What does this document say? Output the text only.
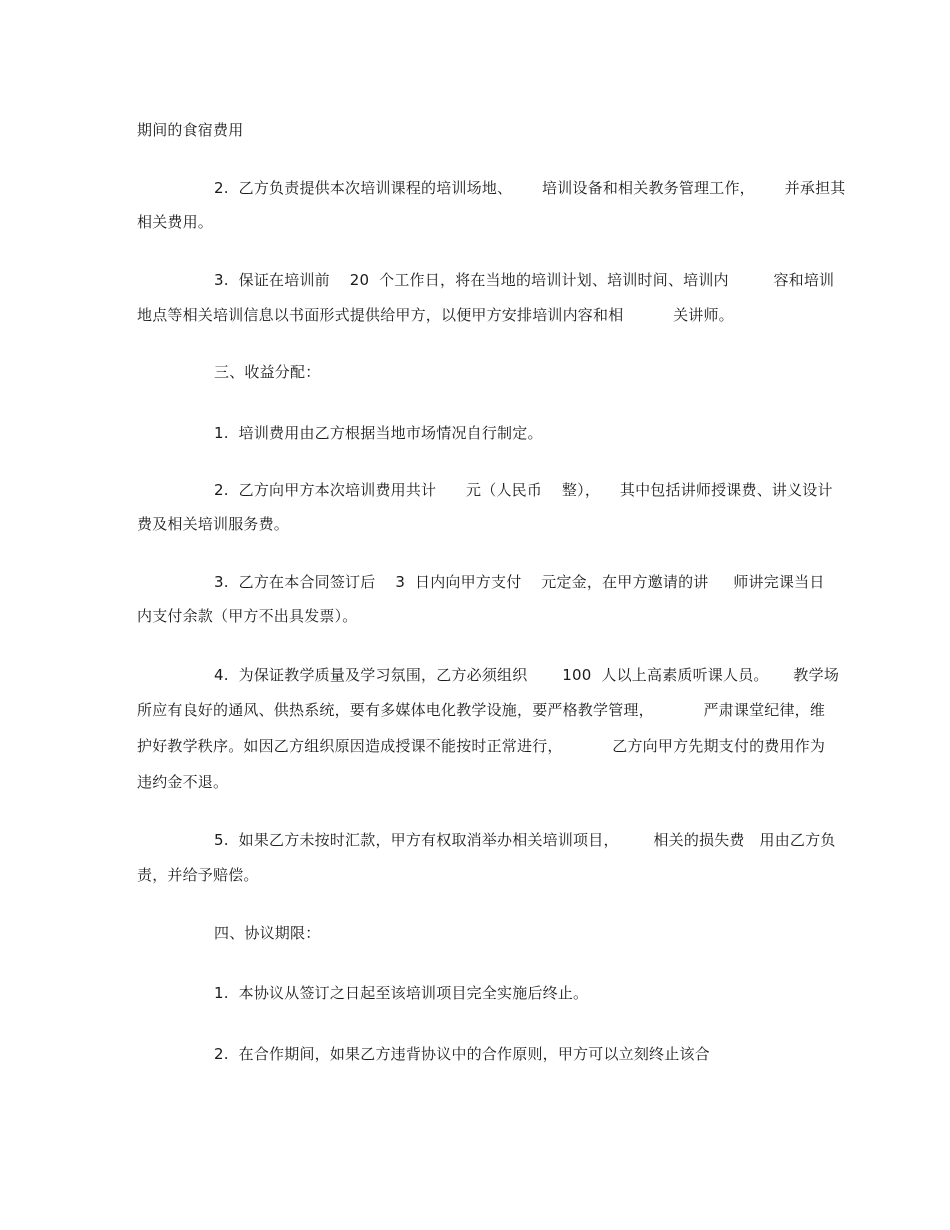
期间的食宿费用
2.  乙方负责提供本次培训课程的培训场地、      培训设备和相关教务管理工作，      并承担其
相关费用。
3.  保证在培训前    20  个工作日，将在当地的培训计划、培训时间、培训内         容和培训
地点等相关培训信息以书面形式提供给甲方，以便甲方安排培训内容和相          关讲师。
三、收益分配：
1.  培训费用由乙方根据当地市场情况自行制定。
2.  乙方向甲方本次培训费用共计      元（人民币    整），    其中包括讲师授课费、讲义设计
费及相关培训服务费。
3.  乙方在本合同签订后    3  日内向甲方支付    元定金，在甲方邀请的讲     师讲完课当日
内支付余款（甲方不出具发票）。
4.  为保证教学质量及学习氛围，乙方必须组织       100  人以上高素质听课人员。     教学场
所应有良好的通风、供热系统，要有多媒体电化教学设施，要严格教学管理，          严肃课堂纪律，维
护好教学秩序。如因乙方组织原因造成授课不能按时正常进行，          乙方向甲方先期支付的费用作为
违约金不退。
5.  如果乙方未按时汇款，甲方有权取消举办相关培训项目，       相关的损失费   用由乙方负
责，并给予赔偿。
四、协议期限：
1.  本协议从签订之日起至该培训项目完全实施后终止。
2.  在合作期间，如果乙方违背协议中的合作原则，甲方可以立刻终止该合
